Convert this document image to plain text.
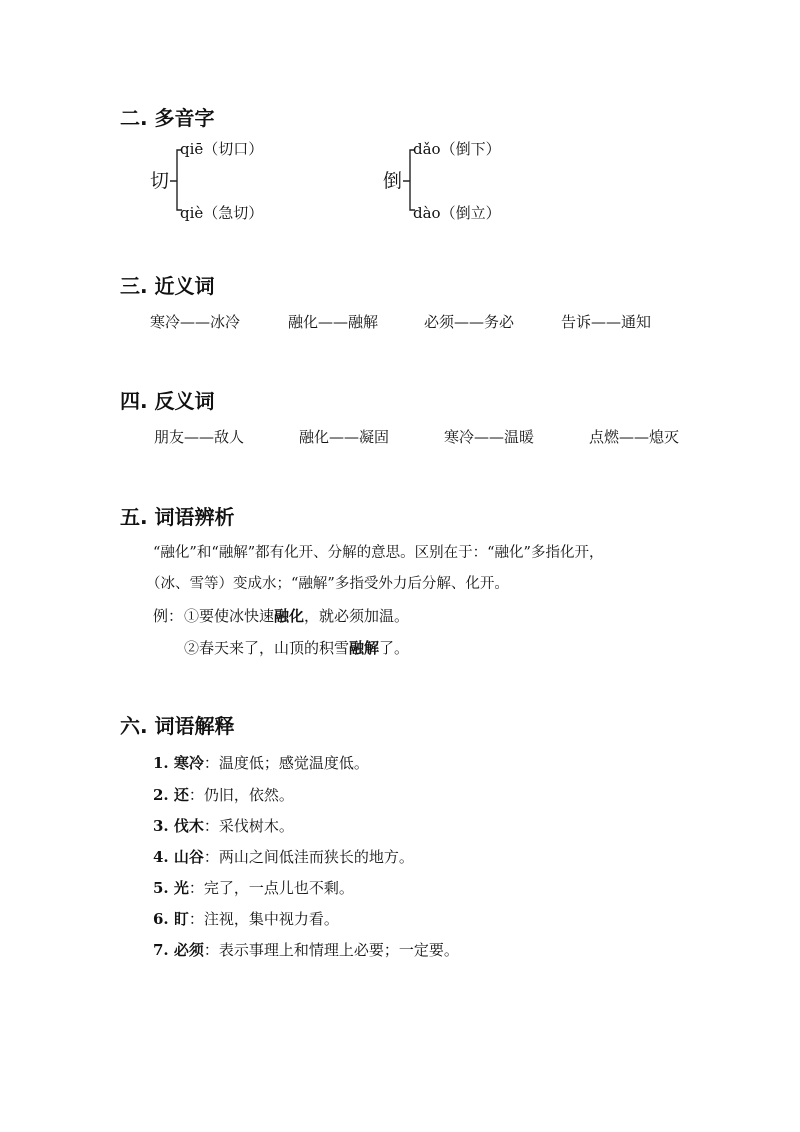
二. 多音字
切
qiē（切口）
qiè（急切）
倒
dǎo（倒下）
dào（倒立）
三. 近义词
寒冷——冰冷	融化——融解	必须——务必	告诉——通知
四. 反义词
朋友——敌人	融化——凝固	寒冷——温暖	点燃——熄灭
五. 词语辨析
“融化”和“融解”都有化开、分解的意思。区别在于：“融化”多指化开，
（冰、雪等）变成水；“融解”多指受外力后分解、化开。
例： ①要使冰快速融化，就必须加温。
②春天来了，山顶的积雪融解了。
六. 词语解释
1. 寒冷：温度低；感觉温度低。
2. 还：仍旧，依然。
3. 伐木：采伐树木。
4. 山谷：两山之间低洼而狭长的地方。
5. 光：完了，一点儿也不剩。
6. 盯：注视，集中视力看。
7. 必须：表示事理上和情理上必要；一定要。
